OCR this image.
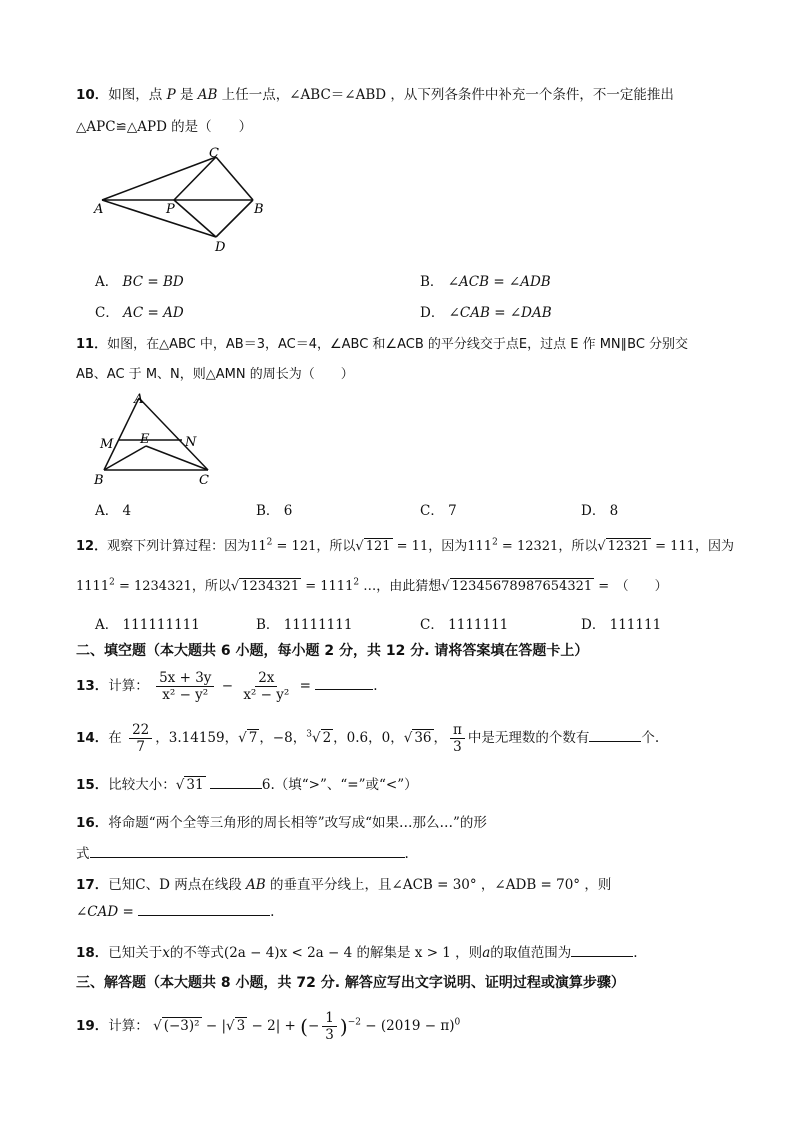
10．如图，点 P 是 AB 上任一点，∠ABC＝∠ABD ，从下列各条件中补充一个条件，不一定能推出
△APC≌△APD 的是（　　）
A	P	B
C
D
A． BC = BD	B． ∠ACB = ∠ADB
C． AC = AD	D． ∠CAB = ∠DAB
11．如图，在△ABC 中，AB＝3，AC＝4，∠ABC 和∠ACB 的平分线交于点E，过点 E 作 MN∥BC 分别交
AB、AC 于 M、N，则△AMN 的周长为（　　）
A
M E	N
B	C
A． 4	B． 6	C． 7	D． 8
12．观察下列计算过程：因为$11^2 = 121$，所以√ 121 = 11，因为$111^2 = 12321$，所以√ 12321 = 111，因为
$1111^2 = 1234321$，所以√ $1234321 = 1111^2$ …，由此猜想√ 12345678987654321 =　（　　）
A． 111111111	B． 11111111	C． 1111111	D． 111111
二、填空题（本大题共 6 小题，每小题 2 分，共 12 分. 请将答案填在答题卡上）
13．计算： $\frac{5x + 3y}{\text{x² − y²}} - \frac{2x}{\text{x² − y²}}$ =	.
14．在 $\frac{22}{7}$ ，3.14159，√ 7 ，−8，$^3$√ 2 ，0.6，0，√ 36 ， $\frac{\pi}{3}$ 中是无理数的个数有	个.
15．比较大小：√ 31	6.（填“>”、“=”或“<”）
16．将命题“两个全等三角形的周长相等”改写成“如果…那么…”的形
式	.
17．已知C、D 两点在线段 AB 的垂直平分线上，且∠ACB = 30° ，∠ADB = 70° ，则
∠CAD =	.
18．已知关于x的不等式(2a − 4)x < 2a − 4 的解集是 x > 1 ，则a的取值范围为	.
三、解答题（本大题共 8 小题，共 72 分. 解答应写出文字说明、证明过程或演算步骤）
19．计算： √ (−3)² − |√ 3 − 2| + (− $\frac{1}{3} )^{-2} - (2019 - \pi)^0$
